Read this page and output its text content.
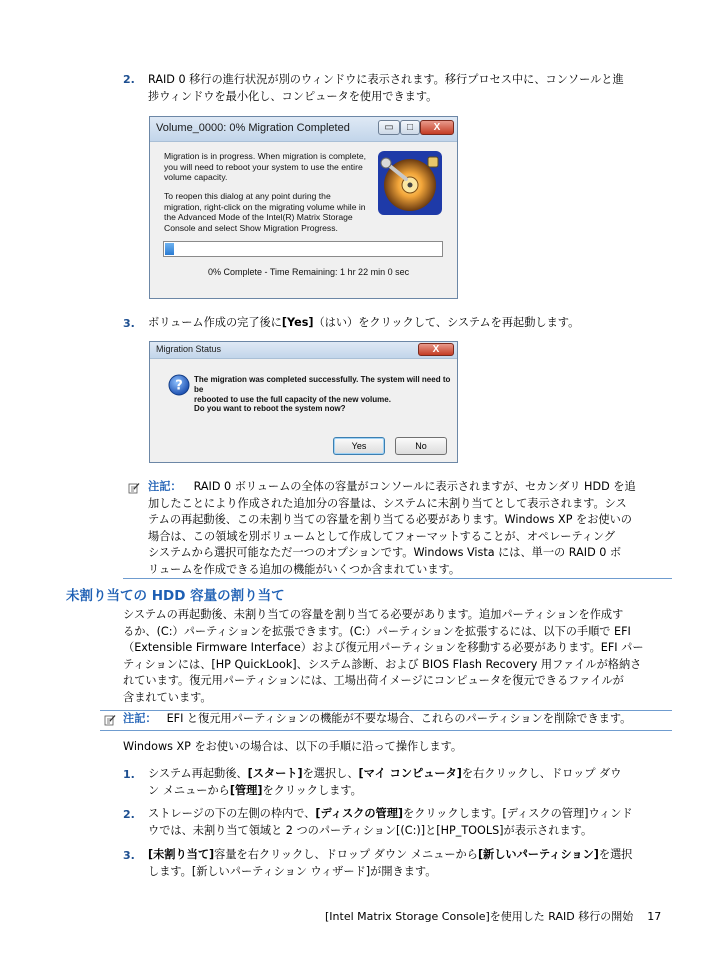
2. RAID 0 移行の進行状況が別のウィンドウに表示されます。移行プロセス中に、コンソールと進
捗ウィンドウを最小化し、コンピュータを使用できます。
Volume_0000: 0% Migration Completed	▭	□	X
Migration is in progress. When migration is complete,
you will need to reboot your system to use the entire
volume capacity.
To reopen this dialog at any point during the
migration, right-click on the migrating volume while in
the Advanced Mode of the Intel(R) Matrix Storage
Console and select Show Migration Progress.
0% Complete - Time Remaining: 1 hr 22 min 0 sec
3. ボリューム作成の完了後に[Yes]（はい）をクリックして、システムを再起動します。
Migration Status	X
? The migration was completed successfully. The system will need to be
rebooted to use the full capacity of the new volume.
Do you want to reboot the system now?
Yes	No
注記： RAID 0 ボリュームの全体の容量がコンソールに表示されますが、セカンダリ HDD を追
加したことにより作成された追加分の容量は、システムに未割り当てとして表示されます。シス
テムの再起動後、この未割り当ての容量を割り当てる必要があります。Windows XP をお使いの
場合は、この領域を別ボリュームとして作成してフォーマットすることが、オペレーティング
システムから選択可能なただ一つのオプションです。Windows Vista には、単一の RAID 0 ボ
リュームを作成できる追加の機能がいくつか含まれています。
未割り当ての HDD 容量の割り当て
システムの再起動後、未割り当ての容量を割り当てる必要があります。追加パーティションを作成す
るか、(C:）パーティションを拡張できます。(C:）パーティションを拡張するには、以下の手順で EFI
（Extensible Firmware Interface）および復元用パーティションを移動する必要があります。EFI パー
ティションには、[HP QuickLook]、システム診断、および BIOS Flash Recovery 用ファイルが格納さ
れています。復元用パーティションには、工場出荷イメージにコンピュータを復元できるファイルが
含まれています。
注記： EFI と復元用パーティションの機能が不要な場合、これらのパーティションを削除できます。
Windows XP をお使いの場合は、以下の手順に沿って操作します。
1. システム再起動後、[スタート]を選択し、[マイ コンピュータ]を右クリックし、ドロップ ダウ
ン メニューから[管理]をクリックします。
2. ストレージの下の左側の枠内で、[ディスクの管理]をクリックします。[ディスクの管理]ウィンド
ウでは、未割り当て領域と 2 つのパーティション[(C:)]と[HP_TOOLS]が表示されます。
3. [未割り当て]容量を右クリックし、ドロップ ダウン メニューから[新しいパーティション]を選択
します。[新しいパーティション ウィザード]が開きます。
[Intel Matrix Storage Console]を使用した RAID 移行の開始 17
